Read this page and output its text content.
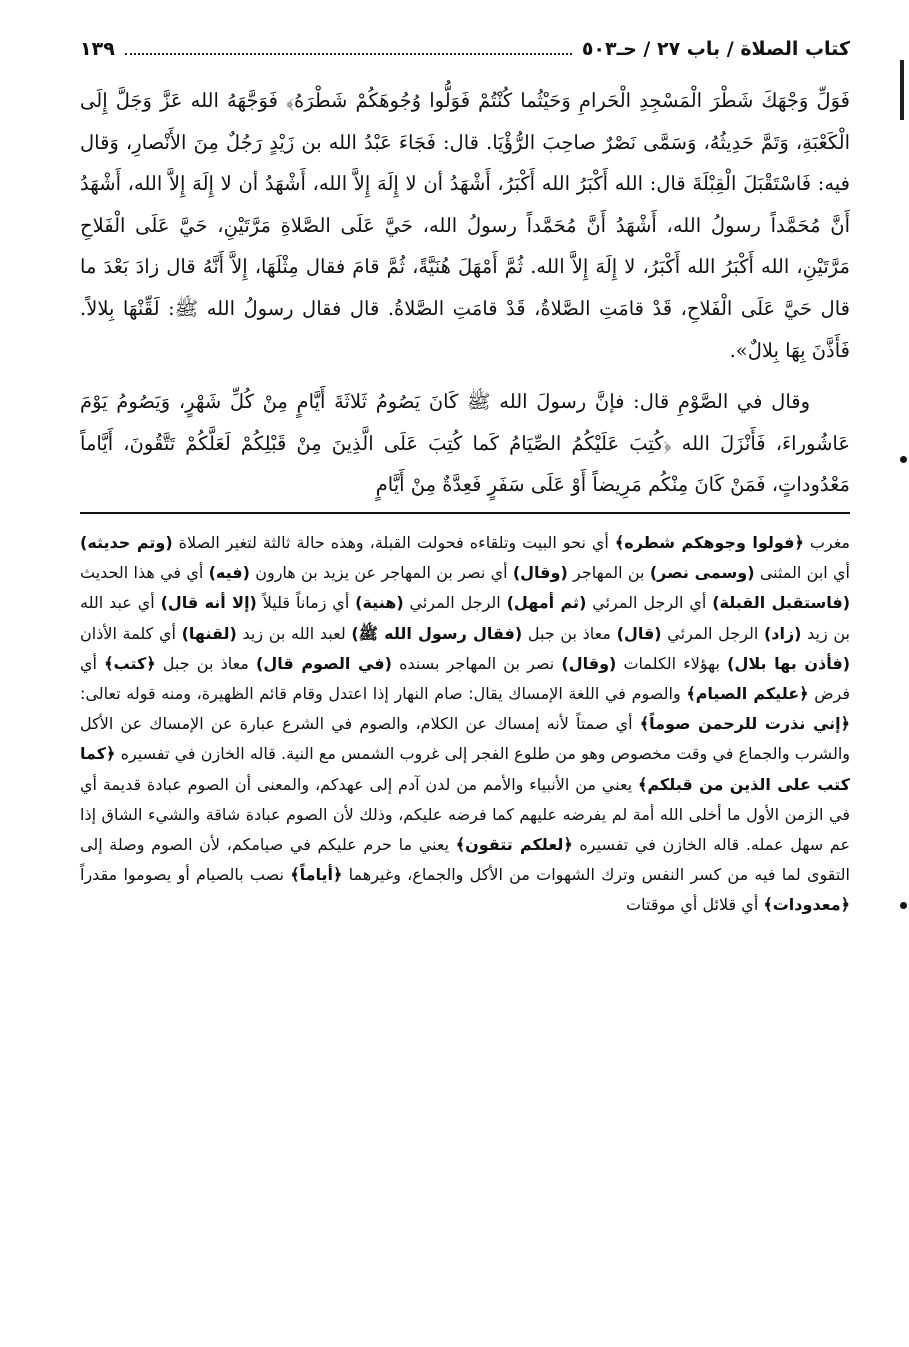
كتاب الصلاة / باب ٢٧ / حـ٥٠٣
١٣٩

فَوَلِّ وَجْهَكَ شَطْرَ الْمَسْجِدِ الْحَرامِ وَحَيْثُما كُنْتُمْ فَوَلُّوا وُجُوهَكُمْ شَطْرَهُ﴾ فَوَجَّهَهُ الله عَزَّ وَجَلَّ إِلَى الْكَعْبَةِ، وَتَمَّ حَدِيثُهُ، وَسَمَّى نَصْرٌ صاحِبَ الرُّؤْيَا. قال: فَجَاءَ عَبْدُ الله بن زَيْدٍ رَجُلٌ مِنَ الأَنْصارِ، وَقال فيه: فَاسْتَقْبَلَ الْقِبْلَةَ قال: الله أَكْبَرُ الله أَكْبَرُ، أَشْهَدُ أن لا إِلَهَ إِلاَّ الله، أَشْهَدُ أن لا إِلَهَ إِلاَّ الله، أَشْهَدُ أَنَّ مُحَمَّداً رسولُ الله، أَشْهَدُ أَنَّ مُحَمَّداً رسولُ الله، حَيَّ عَلَى الصَّلاةِ مَرَّتَيْنِ، حَيَّ عَلَى الْفَلاحِ مَرَّتَيْنِ، الله أَكْبَرُ الله أَكْبَرُ، لا إِلَهَ إِلاَّ الله. ثُمَّ أَمْهَلَ هُنَيَّةً، ثُمَّ قامَ فقال مِثْلَهَا، إِلاَّ أَنَّهُ قال زادَ بَعْدَ ما قال حَيَّ عَلَى الْفَلاحِ، قَدْ قامَتِ الصَّلاةُ، قَدْ قامَتِ الصَّلاةُ. قال فقال رسولُ الله ﷺ: لَقِّنْهَا بِلالاً. فَأَذَّنَ بِهَا بِلالٌ».

وقال في الصَّوْمِ قال: فإنَّ رسولَ الله ﷺ كَانَ يَصُومُ ثَلاثَةَ أَيَّامٍ مِنْ كُلِّ شَهْرٍ، وَيَصُومُ يَوْمَ عَاشُوراءَ، فَأَنْزَلَ الله ﴿كُتِبَ عَلَيْكُمُ الصِّيَامُ كَما كُتِبَ عَلَى الَّذِينَ مِنْ قَبْلِكُمْ لَعَلَّكُمْ تَتَّقُونَ، أَيَّاماً مَعْدُوداتٍ، فَمَنْ كَانَ مِنْكُم مَرِيضاً أَوْ عَلَى سَفَرٍ فَعِدَّةٌ مِنْ أَيَّامٍ

مغرب ﴿فولوا وجوهكم شطره﴾ أي نحو البيت وتلقاءه فحولت القبلة، وهذه حالة ثالثة لتغير الصلاة (وتم حديثه) أي ابن المثنى (وسمى نصر) بن المهاجر (وقال) أي نصر بن المهاجر عن يزيد بن هارون (فيه) أي في هذا الحديث (فاستقبل القبلة) أي الرجل المرئي (ثم أمهل) الرجل المرئي (هنية) أي زماناً قليلاً (إلا أنه قال) أي عبد الله بن زيد (زاد) الرجل المرئي (قال) معاذ بن جبل (فقال رسول الله ﷺ) لعبد الله بن زيد (لقنها) أي كلمة الأذان (فأذن بها بلال) بهؤلاء الكلمات (وقال) نصر بن المهاجر بسنده (في الصوم قال) معاذ بن جبل ﴿كتب﴾ أي فرض ﴿عليكم الصيام﴾ والصوم في اللغة الإمساك يقال: صام النهار إذا اعتدل وقام قائم الظهيرة، ومنه قوله تعالى: ﴿إني نذرت للرحمن صوماً﴾ أي صمتاً لأنه إمساك عن الكلام، والصوم في الشرع عبارة عن الإمساك عن الأكل والشرب والجماع في وقت مخصوص وهو من طلوع الفجر إلى غروب الشمس مع النية. قاله الخازن في تفسيره ﴿كما كتب على الذين من قبلكم﴾ يعني من الأنبياء والأمم من لدن آدم إلى عهدكم، والمعنى أن الصوم عبادة قديمة أي في الزمن الأول ما أخلى الله أمة لم يفرضه عليهم كما فرضه عليكم، وذلك لأن الصوم عبادة شاقة والشيء الشاق إذا عم سهل عمله. قاله الخازن في تفسيره ﴿لعلكم تتقون﴾ يعني ما حرم عليكم في صيامكم، لأن الصوم وصلة إلى التقوى لما فيه من كسر النفس وترك الشهوات من الأكل والجماع، وغيرهما ﴿أياماً﴾ نصب بالصيام أو يصوموا مقدراً ﴿معدودات﴾ أي قلائل أي موقتات
